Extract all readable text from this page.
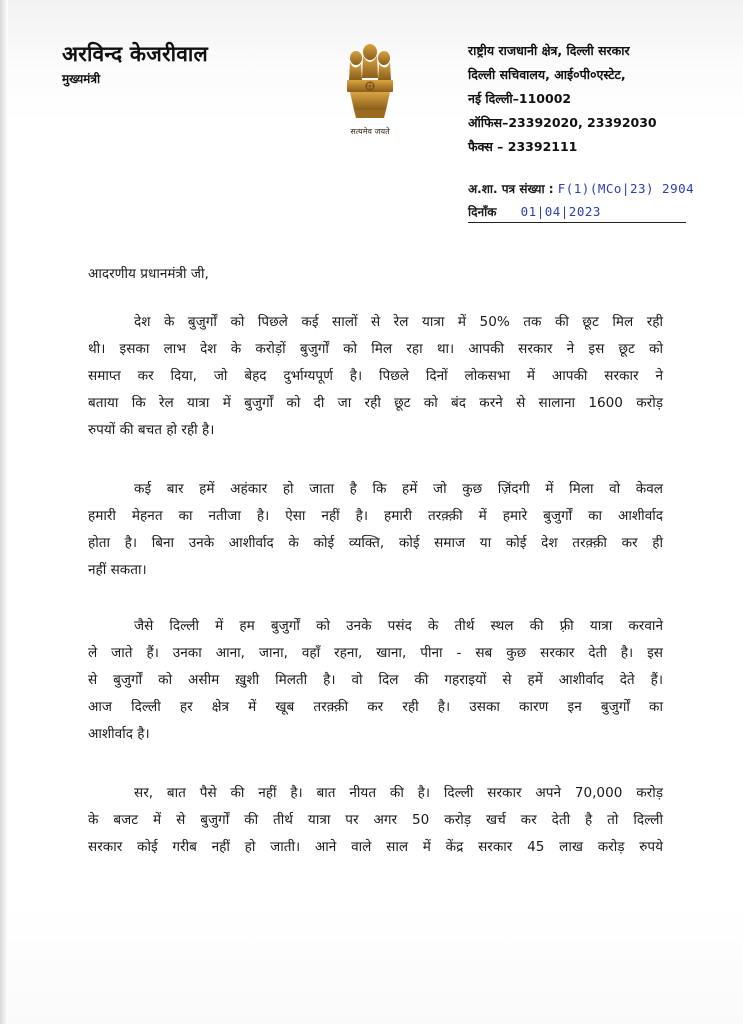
अरविन्द केजरीवाल
मुख्यमंत्री
सत्यमेव जयते
राष्ट्रीय राजधानी क्षेत्र, दिल्ली सरकार
दिल्ली सचिवालय, आई०पी०एस्टेट,
नई दिल्ली–110002
ऑफिस–23392020, 23392030
फैक्स – 23392111
अ.शा. पत्र संख्या : F(1)(MCo|23) 2904
दिनाँक 01|04|2023
आदरणीय प्रधानमंत्री जी,
देश के बुजुर्गों को पिछले कई सालों से रेल यात्रा में 50% तक की छूट मिल रही
थी। इसका लाभ देश के करोड़ों बुजुर्गों को मिल रहा था। आपकी सरकार ने इस छूट को
समाप्त कर दिया, जो बेहद दुर्भाग्यपूर्ण है। पिछले दिनों लोकसभा में आपकी सरकार ने
बताया कि रेल यात्रा में बुजुर्गों को दी जा रही छूट को बंद करने से सालाना 1600 करोड़
रुपयों की बचत हो रही है।
कई बार हमें अहंकार हो जाता है कि हमें जो कुछ ज़िंदगी में मिला वो केवल
हमारी मेहनत का नतीजा है। ऐसा नहीं है। हमारी तरक़्क़ी में हमारे बुजुर्गों का आशीर्वाद
होता है। बिना उनके आशीर्वाद के कोई व्यक्ति, कोई समाज या कोई देश तरक़्क़ी कर ही
नहीं सकता।
जैसे दिल्ली में हम बुजुर्गों को उनके पसंद के तीर्थ स्थल की फ़्री यात्रा करवाने
ले जाते हैं। उनका आना, जाना, वहाँ रहना, खाना, पीना - सब कुछ सरकार देती है। इस
से बुजुर्गों को असीम ख़ुशी मिलती है। वो दिल की गहराइयों से हमें आशीर्वाद देते हैं।
आज दिल्ली हर क्षेत्र में खूब तरक़्क़ी कर रही है। उसका कारण इन बुजुर्गों का
आशीर्वाद है।
सर, बात पैसे की नहीं है। बात नीयत की है। दिल्ली सरकार अपने 70,000 करोड़
के बजट में से बुजुर्गों की तीर्थ यात्रा पर अगर 50 करोड़ खर्च कर देती है तो दिल्ली
सरकार कोई गरीब नहीं हो जाती। आने वाले साल में केंद्र सरकार 45 लाख करोड़ रुपये
